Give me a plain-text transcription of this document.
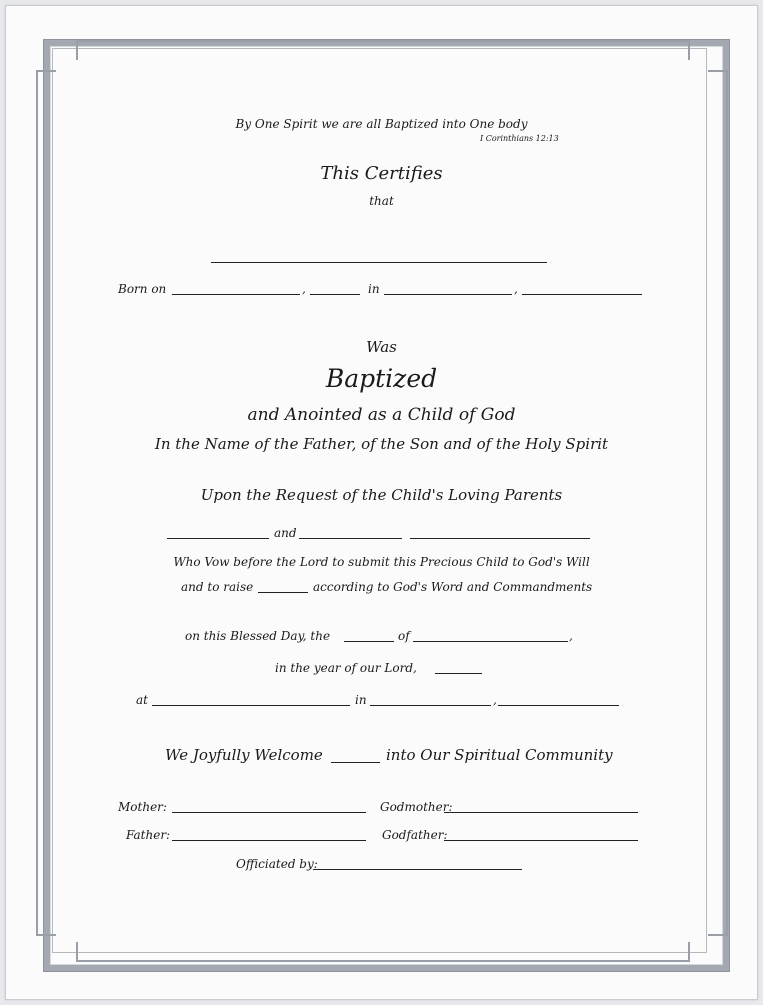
By One Spirit we are all Baptized into One body
I Corinthians 12:13
This Certifies
that
Born on	,	in	,
Was
Baptized
and Anointed as a Child of God
In the Name of the Father, of the Son and of the Holy Spirit
Upon the Request of the Child's Loving Parents
and
Who Vow before the Lord to submit this Precious Child to God's Will
and to raise	according to God's Word and Commandments
on this Blessed Day, the	of	,
in the year of our Lord,
at	in	,
We Joyfully Welcome	into Our Spiritual Community
Mother:	Godmother:
Father:	Godfather:
Officiated by:
